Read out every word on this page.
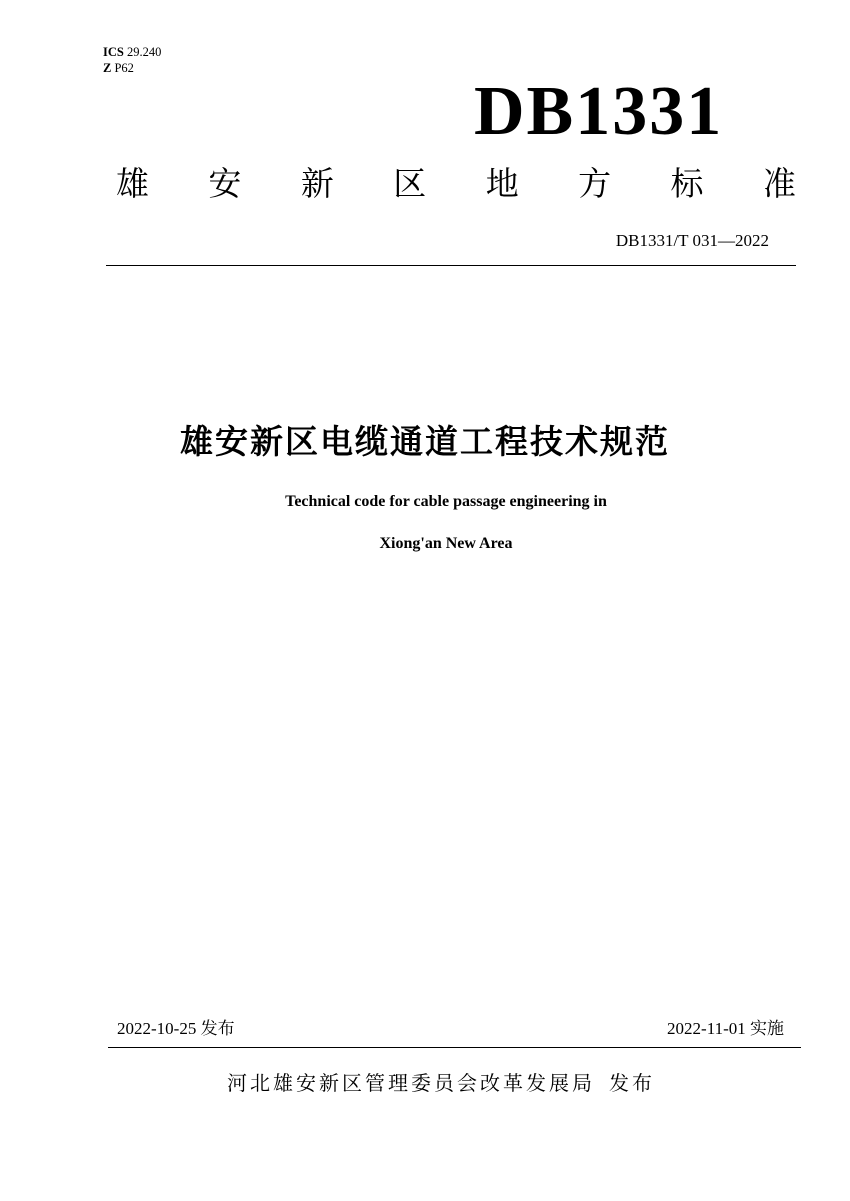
ICS 29.240
Z P62
DB1331
雄 安 新 区 地 方 标 准
DB1331/T 031—2022
雄安新区电缆通道工程技术规范
Technical code for cable passage engineering in
Xiong'an New Area
2022-10-25 发布	2022-11-01 实施
河北雄安新区管理委员会改革发展局 发布
